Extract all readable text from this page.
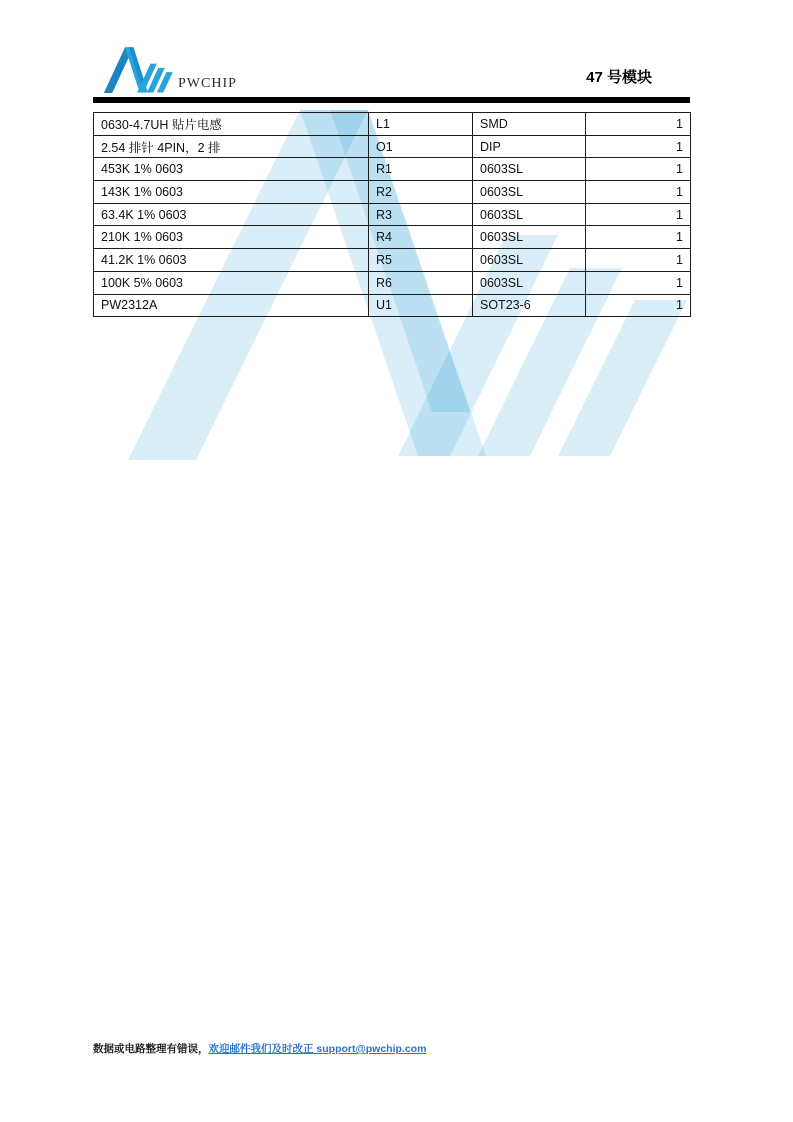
PWCHIP	47 号模块
0630-4.7UH 贴片电感	L1	SMD	1
2.54 排针 4PIN，2 排	O1	DIP	1
453K 1% 0603	R1	0603SL	1
143K 1% 0603	R2	0603SL	1
63.4K 1% 0603	R3	0603SL	1
210K 1% 0603	R4	0603SL	1
41.2K 1% 0603	R5	0603SL	1
100K 5% 0603	R6	0603SL	1
PW2312A	U1	SOT23-6	1
数据或电路整理有错误，欢迎邮件我们及时改正 support@pwchip.com
